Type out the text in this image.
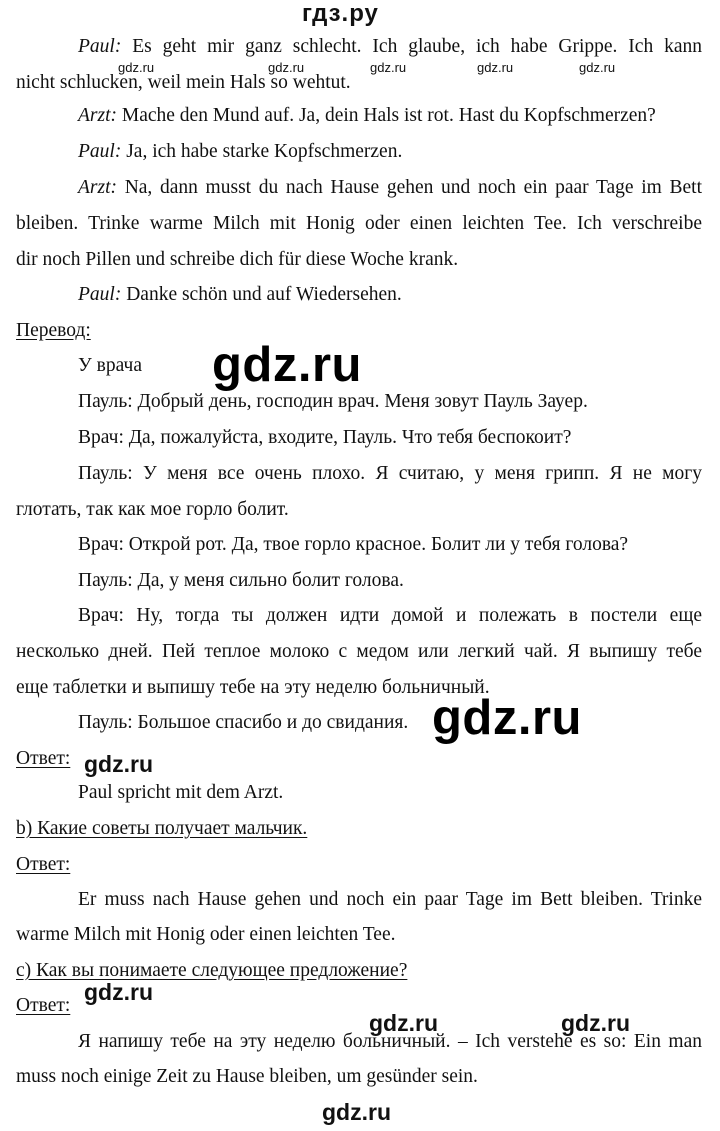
гдз.ру
Paul: Es geht mir ganz schlecht. Ich glaube, ich habe Grippe. Ich kann
nicht schlucken, weil mein Hals so wehtut.
gdz.ru	gdz.ru	gdz.ru	gdz.ru	gdz.ru
Arzt: Mache den Mund auf. Ja, dein Hals ist rot. Hast du Kopfschmerzen?
Paul: Ja, ich habe starke Kopfschmerzen.
Arzt: Na, dann musst du nach Hause gehen und noch ein paar Tage im Bett
bleiben. Trinke warme Milch mit Honig oder einen leichten Tee. Ich verschreibe
dir noch Pillen und schreibe dich für diese Woche krank.
Paul: Danke schön und auf Wiedersehen.
Перевод:
У врача gdz.ru
Пауль: Добрый день, господин врач. Меня зовут Пауль Зауер.
Врач: Да, пожалуйста, входите, Пауль. Что тебя беспокоит?
Пауль: У меня все очень плохо. Я считаю, у меня грипп. Я не могу
глотать, так как мое горло болит.
Врач: Открой рот. Да, твое горло красное. Болит ли у тебя голова?
Пауль: Да, у меня сильно болит голова.
Врач: Ну, тогда ты должен идти домой и полежать в постели еще
несколько дней. Пей теплое молоко с медом или легкий чай. Я выпишу тебе
еще таблетки и выпишу тебе на эту неделю больничный.
Пауль: Большое спасибо и до свидания. gdz.ru
Ответ: gdz.ru
Paul spricht mit dem Arzt.
b) Какие советы получает мальчик.
Ответ:
Er muss nach Hause gehen und noch ein paar Tage im Bett bleiben. Trinke
warme Milch mit Honig oder einen leichten Tee.
c) Как вы понимаете следующее предложение?
Ответ:
gdz.ru
gdz.ru	gdz.ru
Я напишу тебе на эту неделю больничный. – Ich verstehe es so: Ein man
muss noch einige Zeit zu Hause bleiben, um gesünder sein.
gdz.ru
